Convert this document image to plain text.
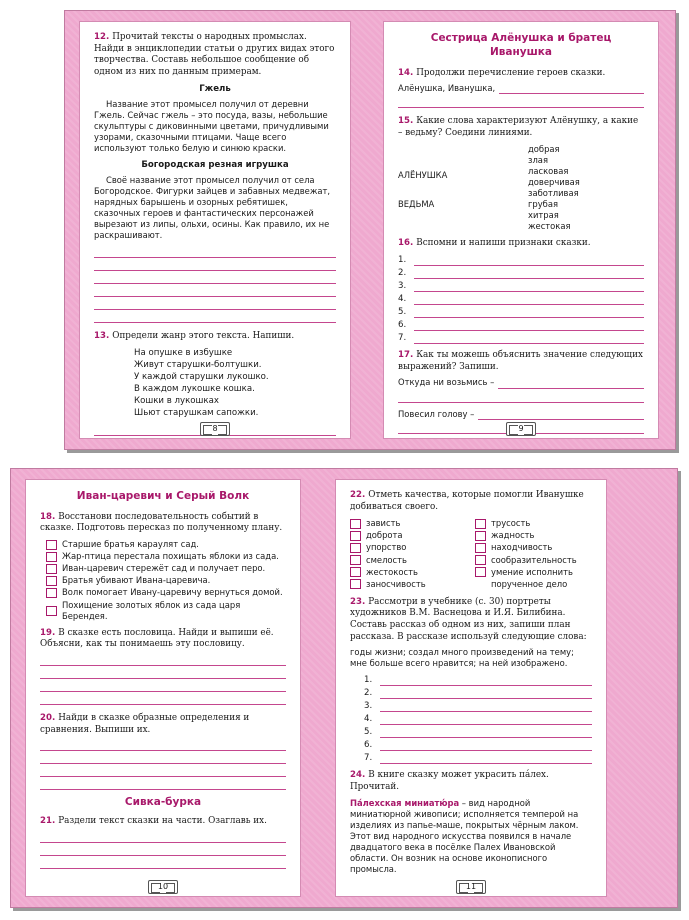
12. Прочитай тексты о народных промыслах. Найди в энциклопедии статьи о других видах этого творчества. Составь небольшое сообщение об одном из них по данным примерам.
Гжель
Название этот промысел получил от деревни Гжель. Сейчас гжель – это посуда, вазы, небольшие скульптуры с диковинными цветами, причудливыми узорами, сказочными птицами. Чаще всего используют только белую и синюю краски.
Богородская резная игрушка
Своё название этот промысел получил от села Богородское. Фигурки зайцев и забавных медвежат, нарядных барышень и озорных ребятишек, сказочных героев и фантастических персонажей вырезают из липы, ольхи, осины. Как правило, их не раскрашивают.
13. Определи жанр этого текста. Напиши.
На опушке в избушке
Живут старушки-болтушки.
У каждой старушки лукошко.
В каждом лукошке кошка.
Кошки в лукошках
Шьют старушкам сапожки.
8
Сестрица Алёнушка и братец Иванушка
14. Продолжи перечисление героев сказки.
Алёнушка, Иванушка,
15. Какие слова характеризуют Алёнушку, а какие – ведьму? Соедини линиями.
АЛЁНУШКА
ВЕДЬМА
добрая
злая
ласковая
доверчивая
заботливая
грубая
хитрая
жестокая
16. Вспомни и напиши признаки сказки.
1.
2.
3.
4.
5.
6.
7.
17. Как ты можешь объяснить значение следующих выражений? Запиши.
Откуда ни возьмись –
Повесил голову –
9
Иван-царевич и Серый Волк
18. Восстанови последовательность событий в сказке. Подготовь пересказ по полученному плану.
Старшие братья караулят сад.
Жар-птица перестала похищать яблоки из сада.
Иван-царевич стережёт сад и получает перо.
Братья убивают Ивана-царевича.
Волк помогает Ивану-царевичу вернуться домой.
Похищение золотых яблок из сада царя Берендея.
19. В сказке есть пословица. Найди и выпиши её. Объясни, как ты понимаешь эту пословицу.
20. Найди в сказке образные определения и сравнения. Выпиши их.
Сивка-бурка
21. Раздели текст сказки на части. Озаглавь их.
10
22. Отметь качества, которые помогли Иванушке добиваться своего.
зависть
доброта
упорство
смелость
жестокость
заносчивость
трусость
жадность
находчивость
сообразительность
умение исполнить
порученное дело
23. Рассмотри в учебнике (с. 30) портреты художников В.М. Васнецова и И.Я. Билибина. Составь рассказ об одном из них, запиши план рассказа. В рассказе используй следующие слова:
годы жизни; создал много произведений на тему; мне больше всего нравится; на ней изображено.
1.
2.
3.
4.
5.
6.
7.
24. В книге сказку может украсить па́лех. Прочитай.
Па́лехская миниатю́ра – вид народной миниатюрной живописи; исполняется темперой на изделиях из папье-маше, покрытых чёрным лаком. Этот вид народного искусства появился в начале двадцатого века в посёлке Палех Ивановской области. Он возник на основе иконописного промысла.
11
